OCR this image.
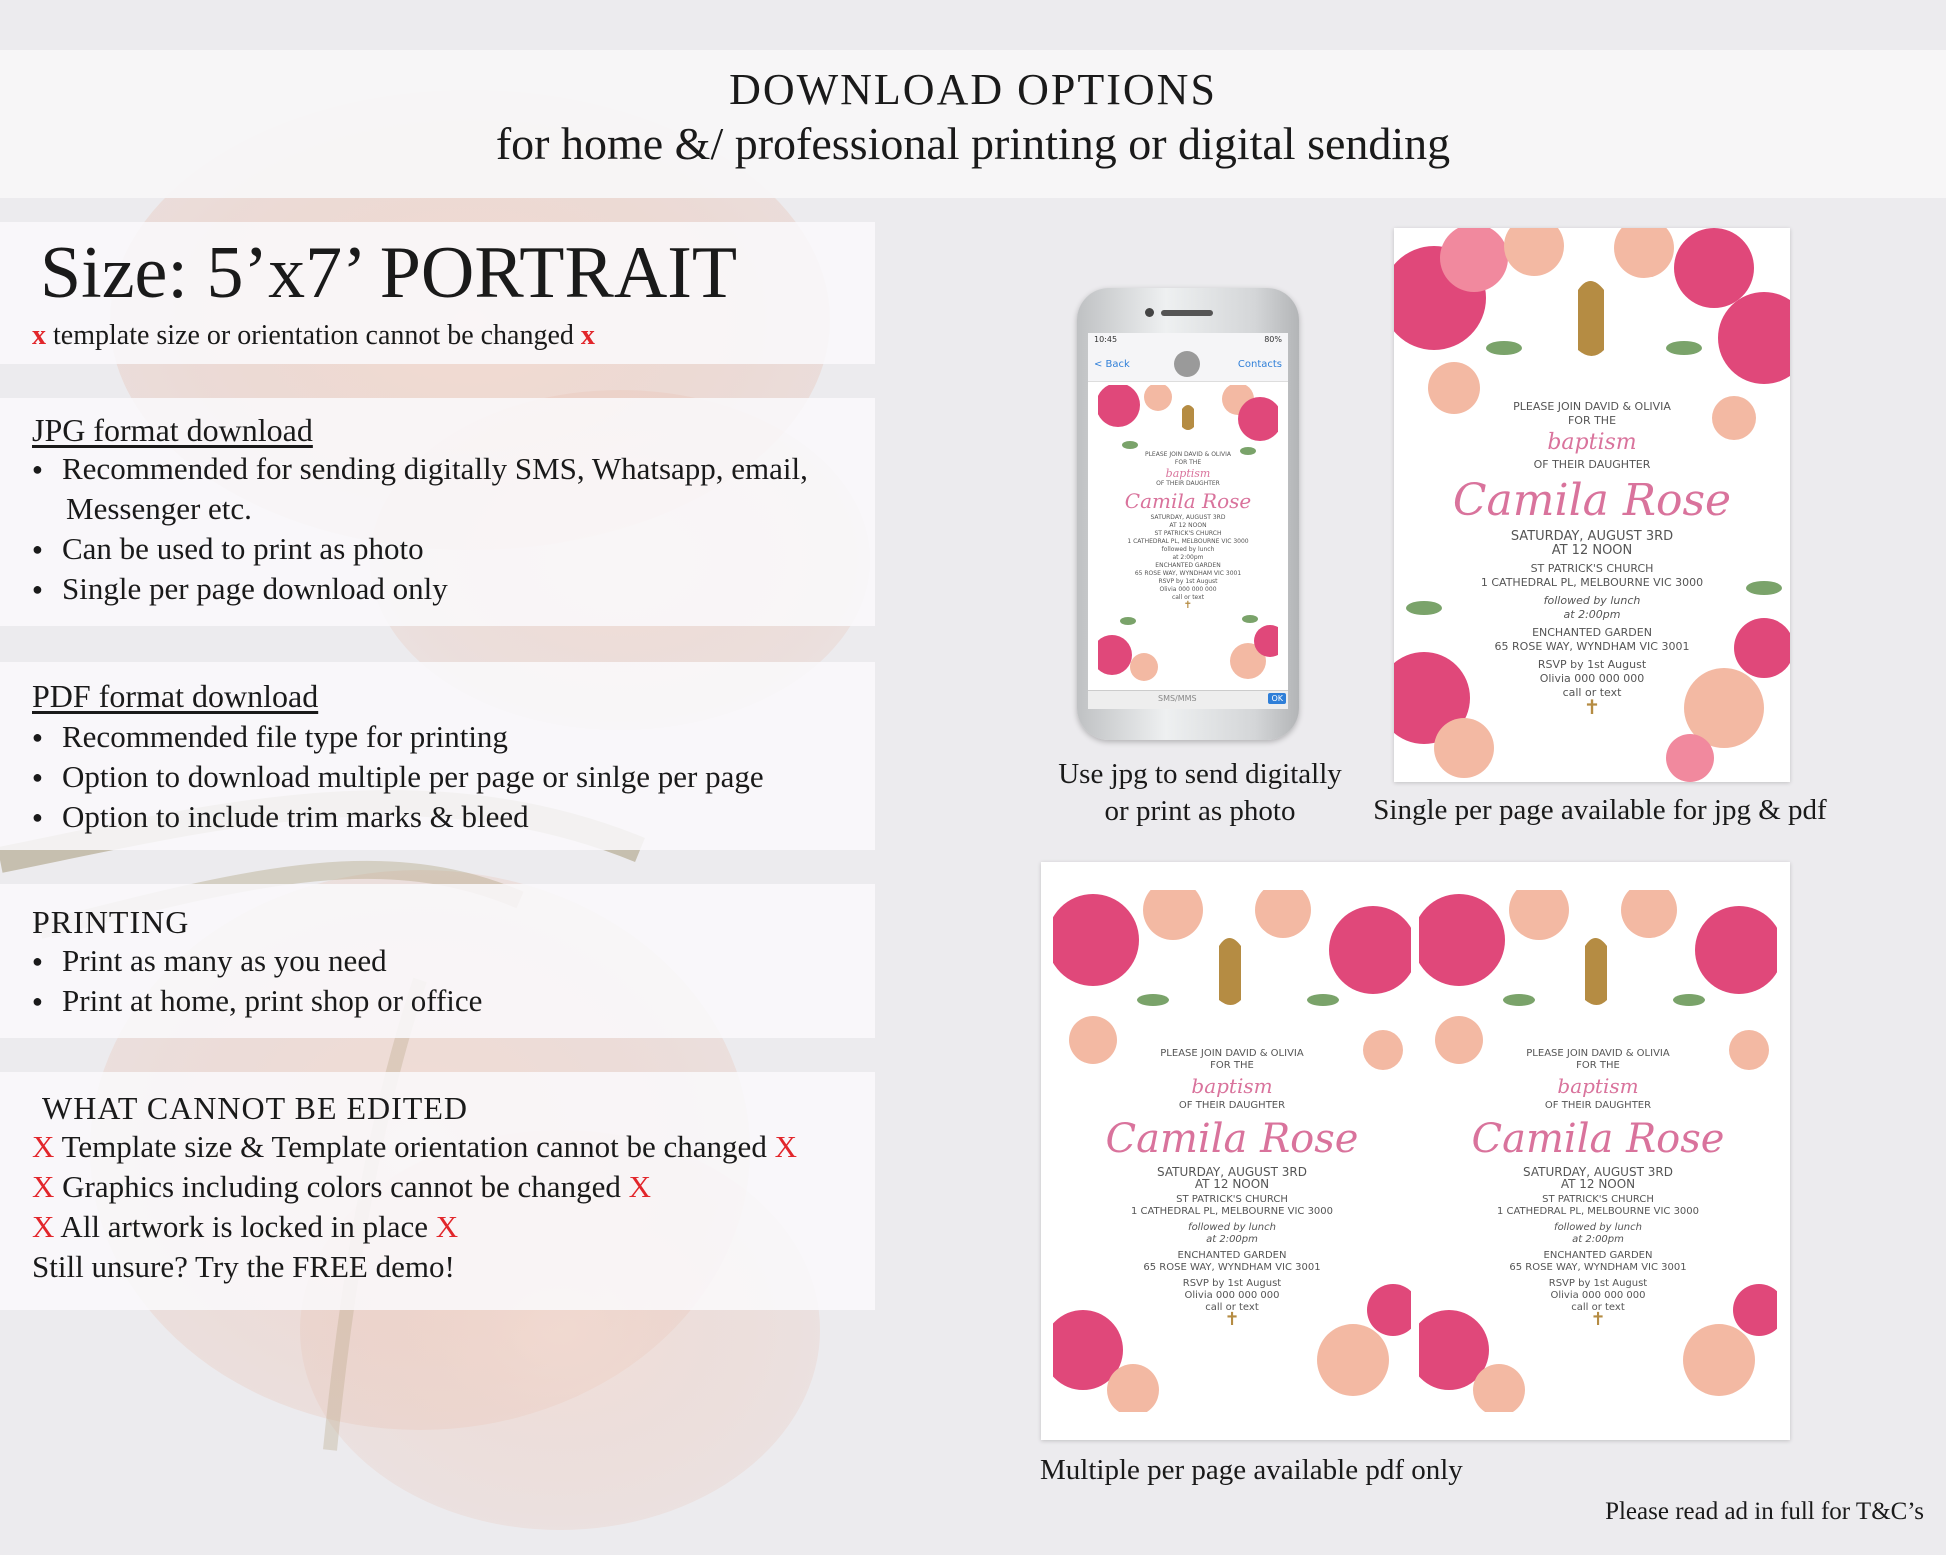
DOWNLOAD OPTIONS
for home &/ professional printing or digital sending
Size: 5’x7’ PORTRAIT
x template size or orientation cannot be changed x
JPG format download
● Recommended for sending digitally SMS, Whatsapp, email,
Messenger etc.
● Can be used to print as photo
● Single per page download only
PDF format download
● Recommended file type for printing
● Option to download multiple per page or sinlge per page
● Option to include trim marks & bleed
PRINTING
● Print as many as you need
● Print at home, print shop or office
WHAT CANNOT BE EDITED
X Template size & Template orientation cannot be changed X
X Graphics including colors cannot be changed X
X All artwork is locked in place X
Still unsure? Try the FREE demo!
10:45	80%
< Back	Contacts
PLEASE JOIN DAVID & OLIVIA
FOR THE
baptism
OF THEIR DAUGHTER
Camila Rose
SATURDAY, AUGUST 3RD
AT 12 NOON
ST PATRICK'S CHURCH
1 CATHEDRAL PL, MELBOURNE VIC 3000
followed by lunch
at 2:00pm
ENCHANTED GARDEN
65 ROSE WAY, WYNDHAM VIC 3001
RSVP by 1st August
Olivia 000 000 000
call or text
✝
SMS/MMS	OK
PLEASE JOIN DAVID & OLIVIA
FOR THE
baptism
OF THEIR DAUGHTER
Camila Rose
SATURDAY, AUGUST 3RD
AT 12 NOON
ST PATRICK'S CHURCH
1 CATHEDRAL PL, MELBOURNE VIC 3000
followed by lunch
at 2:00pm
ENCHANTED GARDEN
65 ROSE WAY, WYNDHAM VIC 3001
RSVP by 1st August
Olivia 000 000 000
call or text
✝
Use jpg to send digitally
or print as photo	Single per page available for jpg & pdf
PLEASE JOIN DAVID & OLIVIA
FOR THE
baptism
OF THEIR DAUGHTER
Camila Rose
SATURDAY, AUGUST 3RD
AT 12 NOON
ST PATRICK'S CHURCH
1 CATHEDRAL PL, MELBOURNE VIC 3000
followed by lunch
at 2:00pm
ENCHANTED GARDEN
65 ROSE WAY, WYNDHAM VIC 3001
RSVP by 1st August
Olivia 000 000 000
call or text
✝
PLEASE JOIN DAVID & OLIVIA
FOR THE
baptism
OF THEIR DAUGHTER
Camila Rose
SATURDAY, AUGUST 3RD
AT 12 NOON
ST PATRICK'S CHURCH
1 CATHEDRAL PL, MELBOURNE VIC 3000
followed by lunch
at 2:00pm
ENCHANTED GARDEN
65 ROSE WAY, WYNDHAM VIC 3001
RSVP by 1st August
Olivia 000 000 000
call or text
✝
Multiple per page available pdf only
Please read ad in full for T&C’s
